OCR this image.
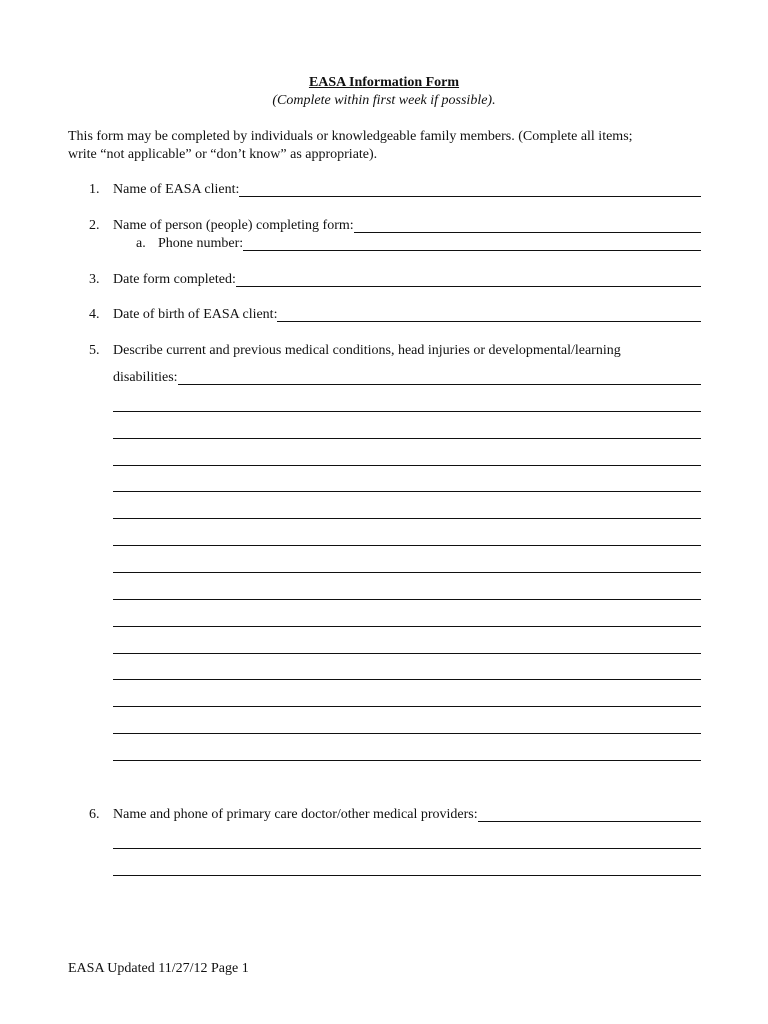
EASA Information Form
(Complete within first week if possible).
This form may be completed by individuals or knowledgeable family members. (Complete all items;
write “not applicable” or “don’t know” as appropriate).
1. Name of EASA client:
2. Name of person (people) completing form:
a. Phone number:
3. Date form completed:
4. Date of birth of EASA client:
5. Describe current and previous medical conditions, head injuries or developmental/learning
disabilities:
6. Name and phone of primary care doctor/other medical providers:
EASA Updated 11/27/12 Page 1
